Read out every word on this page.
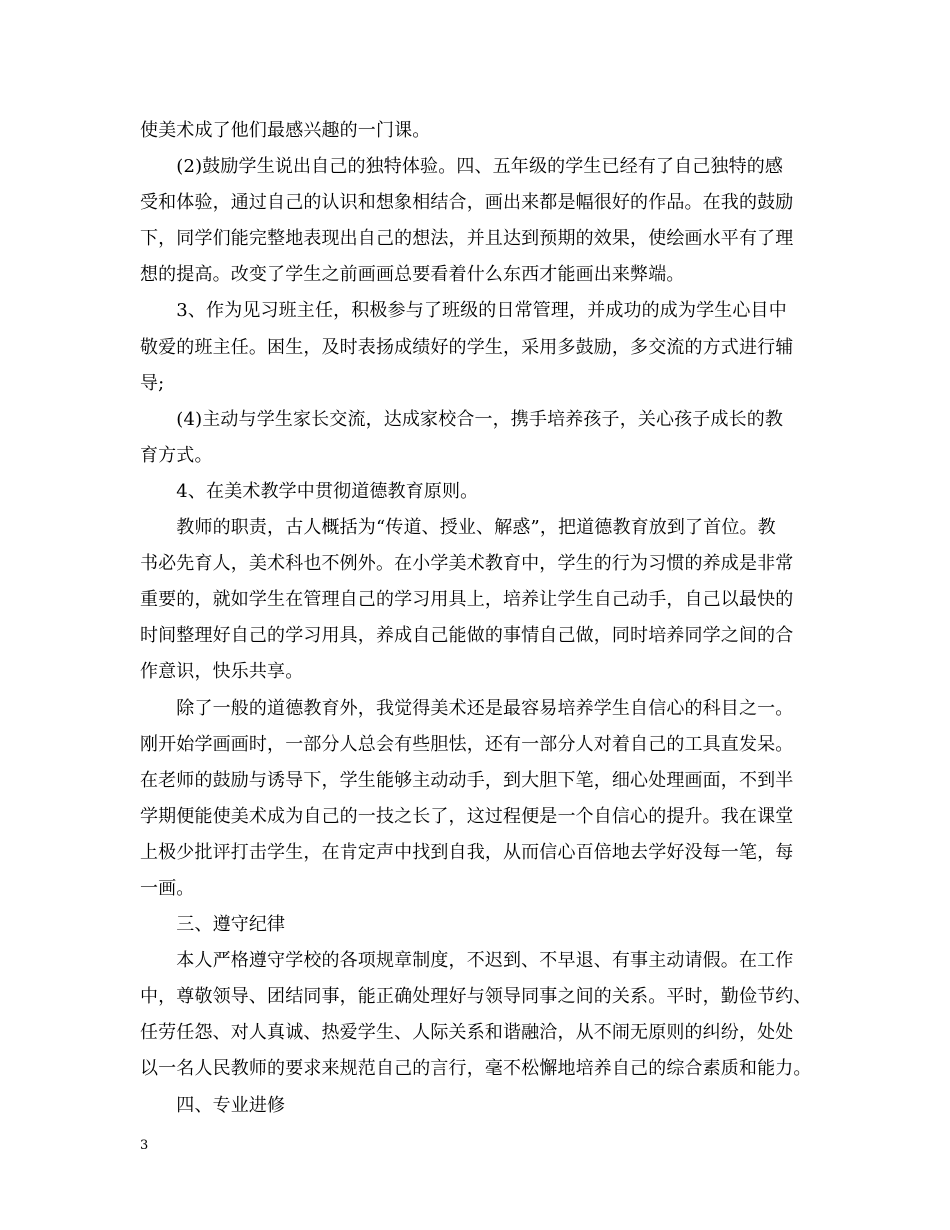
使美术成了他们最感兴趣的一门课。
　　(2)鼓励学生说出自己的独特体验。四、五年级的学生已经有了自己独特的感
受和体验，通过自己的认识和想象相结合，画出来都是幅很好的作品。在我的鼓励
下，同学们能完整地表现出自己的想法，并且达到预期的效果，使绘画水平有了理
想的提高。改变了学生之前画画总要看着什么东西才能画出来弊端。
　　3、作为见习班主任，积极参与了班级的日常管理，并成功的成为学生心目中
敬爱的班主任。困生，及时表扬成绩好的学生，采用多鼓励，多交流的方式进行辅
导;
　　(4)主动与学生家长交流，达成家校合一，携手培养孩子，关心孩子成长的教
育方式。
　　4、在美术教学中贯彻道德教育原则。
　　教师的职责，古人概括为“传道、授业、解惑”，把道德教育放到了首位。教
书必先育人，美术科也不例外。在小学美术教育中，学生的行为习惯的养成是非常
重要的，就如学生在管理自己的学习用具上，培养让学生自己动手，自己以最快的
时间整理好自己的学习用具，养成自己能做的事情自己做，同时培养同学之间的合
作意识，快乐共享。
　　除了一般的道德教育外，我觉得美术还是最容易培养学生自信心的科目之一。
刚开始学画画时，一部分人总会有些胆怯，还有一部分人对着自己的工具直发呆。
在老师的鼓励与诱导下，学生能够主动动手，到大胆下笔，细心处理画面，不到半
学期便能使美术成为自己的一技之长了，这过程便是一个自信心的提升。我在课堂
上极少批评打击学生，在肯定声中找到自我，从而信心百倍地去学好没每一笔，每
一画。
　　三、遵守纪律
　　本人严格遵守学校的各项规章制度，不迟到、不早退、有事主动请假。在工作
中，尊敬领导、团结同事，能正确处理好与领导同事之间的关系。平时，勤俭节约、
任劳任怨、对人真诚、热爱学生、人际关系和谐融洽，从不闹无原则的纠纷，处处
以一名人民教师的要求来规范自己的言行，毫不松懈地培养自己的综合素质和能力。
　　四、专业进修
3
